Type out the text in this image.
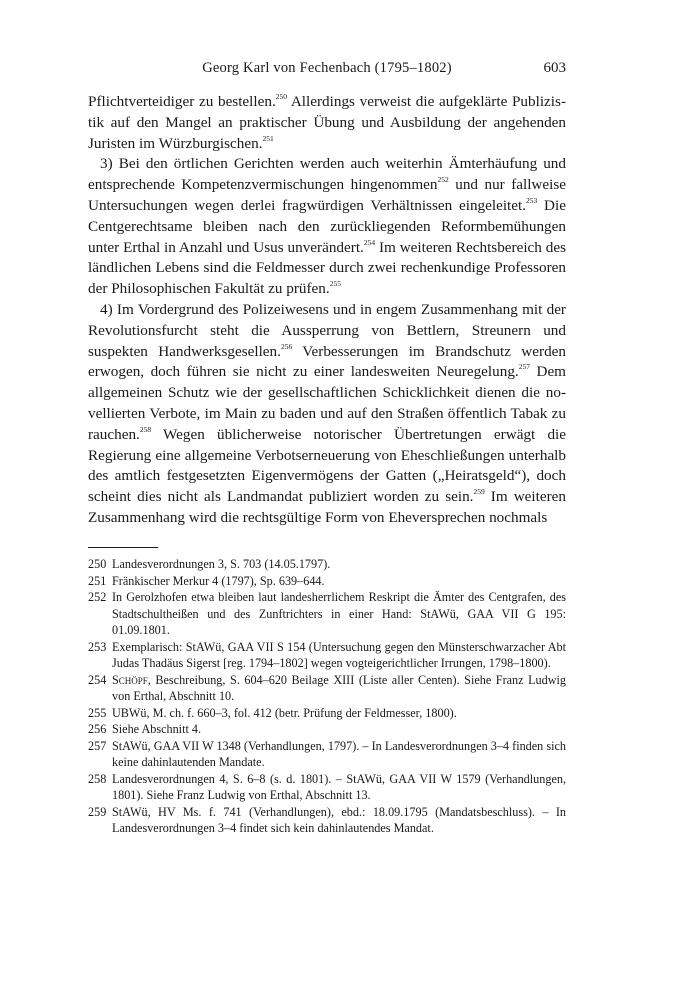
Georg Karl von Fechenbach (1795–1802)	603

Pflichtverteidiger zu bestellen.$^{250}$ Allerdings verweist die aufgeklärte Publizistik auf den Mangel an praktischer Übung und Ausbildung der angehenden Juristen im Würzburgischen.$^{251}$

3) Bei den örtlichen Gerichten werden auch weiterhin Ämterhäufung und entsprechende Kompetenzvermischungen hingenommen$^{252}$ und nur fallweise Untersuchungen wegen derlei fragwürdigen Verhältnissen eingeleitet.$^{253}$ Die Centgerechtsame bleiben nach den zurückliegenden Reformbemühungen unter Erthal in Anzahl und Usus unverändert.$^{254}$ Im weiteren Rechtsbereich des ländlichen Lebens sind die Feldmesser durch zwei rechenkundige Professoren der Philosophischen Fakultät zu prüfen.$^{255}$

4) Im Vordergrund des Polizeiwesens und in engem Zusammenhang mit der Revolutionsfurcht steht die Aussperrung von Bettlern, Streunern und suspekten Handwerksgesellen.$^{256}$ Verbesserungen im Brandschutz werden erwogen, doch führen sie nicht zu einer landesweiten Neuregelung.$^{257}$ Dem allgemeinen Schutz wie der gesellschaftlichen Schicklichkeit dienen die novellierten Verbote, im Main zu baden und auf den Straßen öffentlich Tabak zu rauchen.$^{258}$ Wegen üblicherweise notorischer Übertretungen erwägt die Regierung eine allgemeine Verbotserneuerung von Eheschließungen unterhalb des amtlich festgesetzten Eigenvermögens der Gatten („Heiratsgeld“), doch scheint dies nicht als Landmandat publiziert worden zu sein.$^{259}$ Im weiteren Zusammenhang wird die rechtsgültige Form von Eheversprechen nochmals

250 Landesverordnungen 3, S. 703 (14.05.1797).
251 Fränkischer Merkur 4 (1797), Sp. 639–644.
252 In Gerolzhofen etwa bleiben laut landesherrlichem Reskript die Ämter des Centgrafen, des Stadtschultheißen und des Zunftrichters in einer Hand: StAWü, GAA VII G 195: 01.09.1801.
253 Exemplarisch: StAWü, GAA VII S 154 (Untersuchung gegen den Münsterschwarzacher Abt Judas Thadäus Sigerst [reg. 1794–1802] wegen vogteigerichtlicher Irrungen, 1798–1800).
254 Schöpf, Beschreibung, S. 604–620 Beilage XIII (Liste aller Centen). Siehe Franz Ludwig von Erthal, Abschnitt 10.
255 UBWü, M. ch. f. 660–3, fol. 412 (betr. Prüfung der Feldmesser, 1800).
256 Siehe Abschnitt 4.
257 StAWü, GAA VII W 1348 (Verhandlungen, 1797). – In Landesverordnungen 3–4 finden sich keine dahinlautenden Mandate.
258 Landesverordnungen 4, S. 6–8 (s. d. 1801). – StAWü, GAA VII W 1579 (Verhandlungen, 1801). Siehe Franz Ludwig von Erthal, Abschnitt 13.
259 StAWü, HV Ms. f. 741 (Verhandlungen), ebd.: 18.09.1795 (Mandatsbeschluss). – In Landesverordnungen 3–4 findet sich kein dahinlautendes Mandat.
